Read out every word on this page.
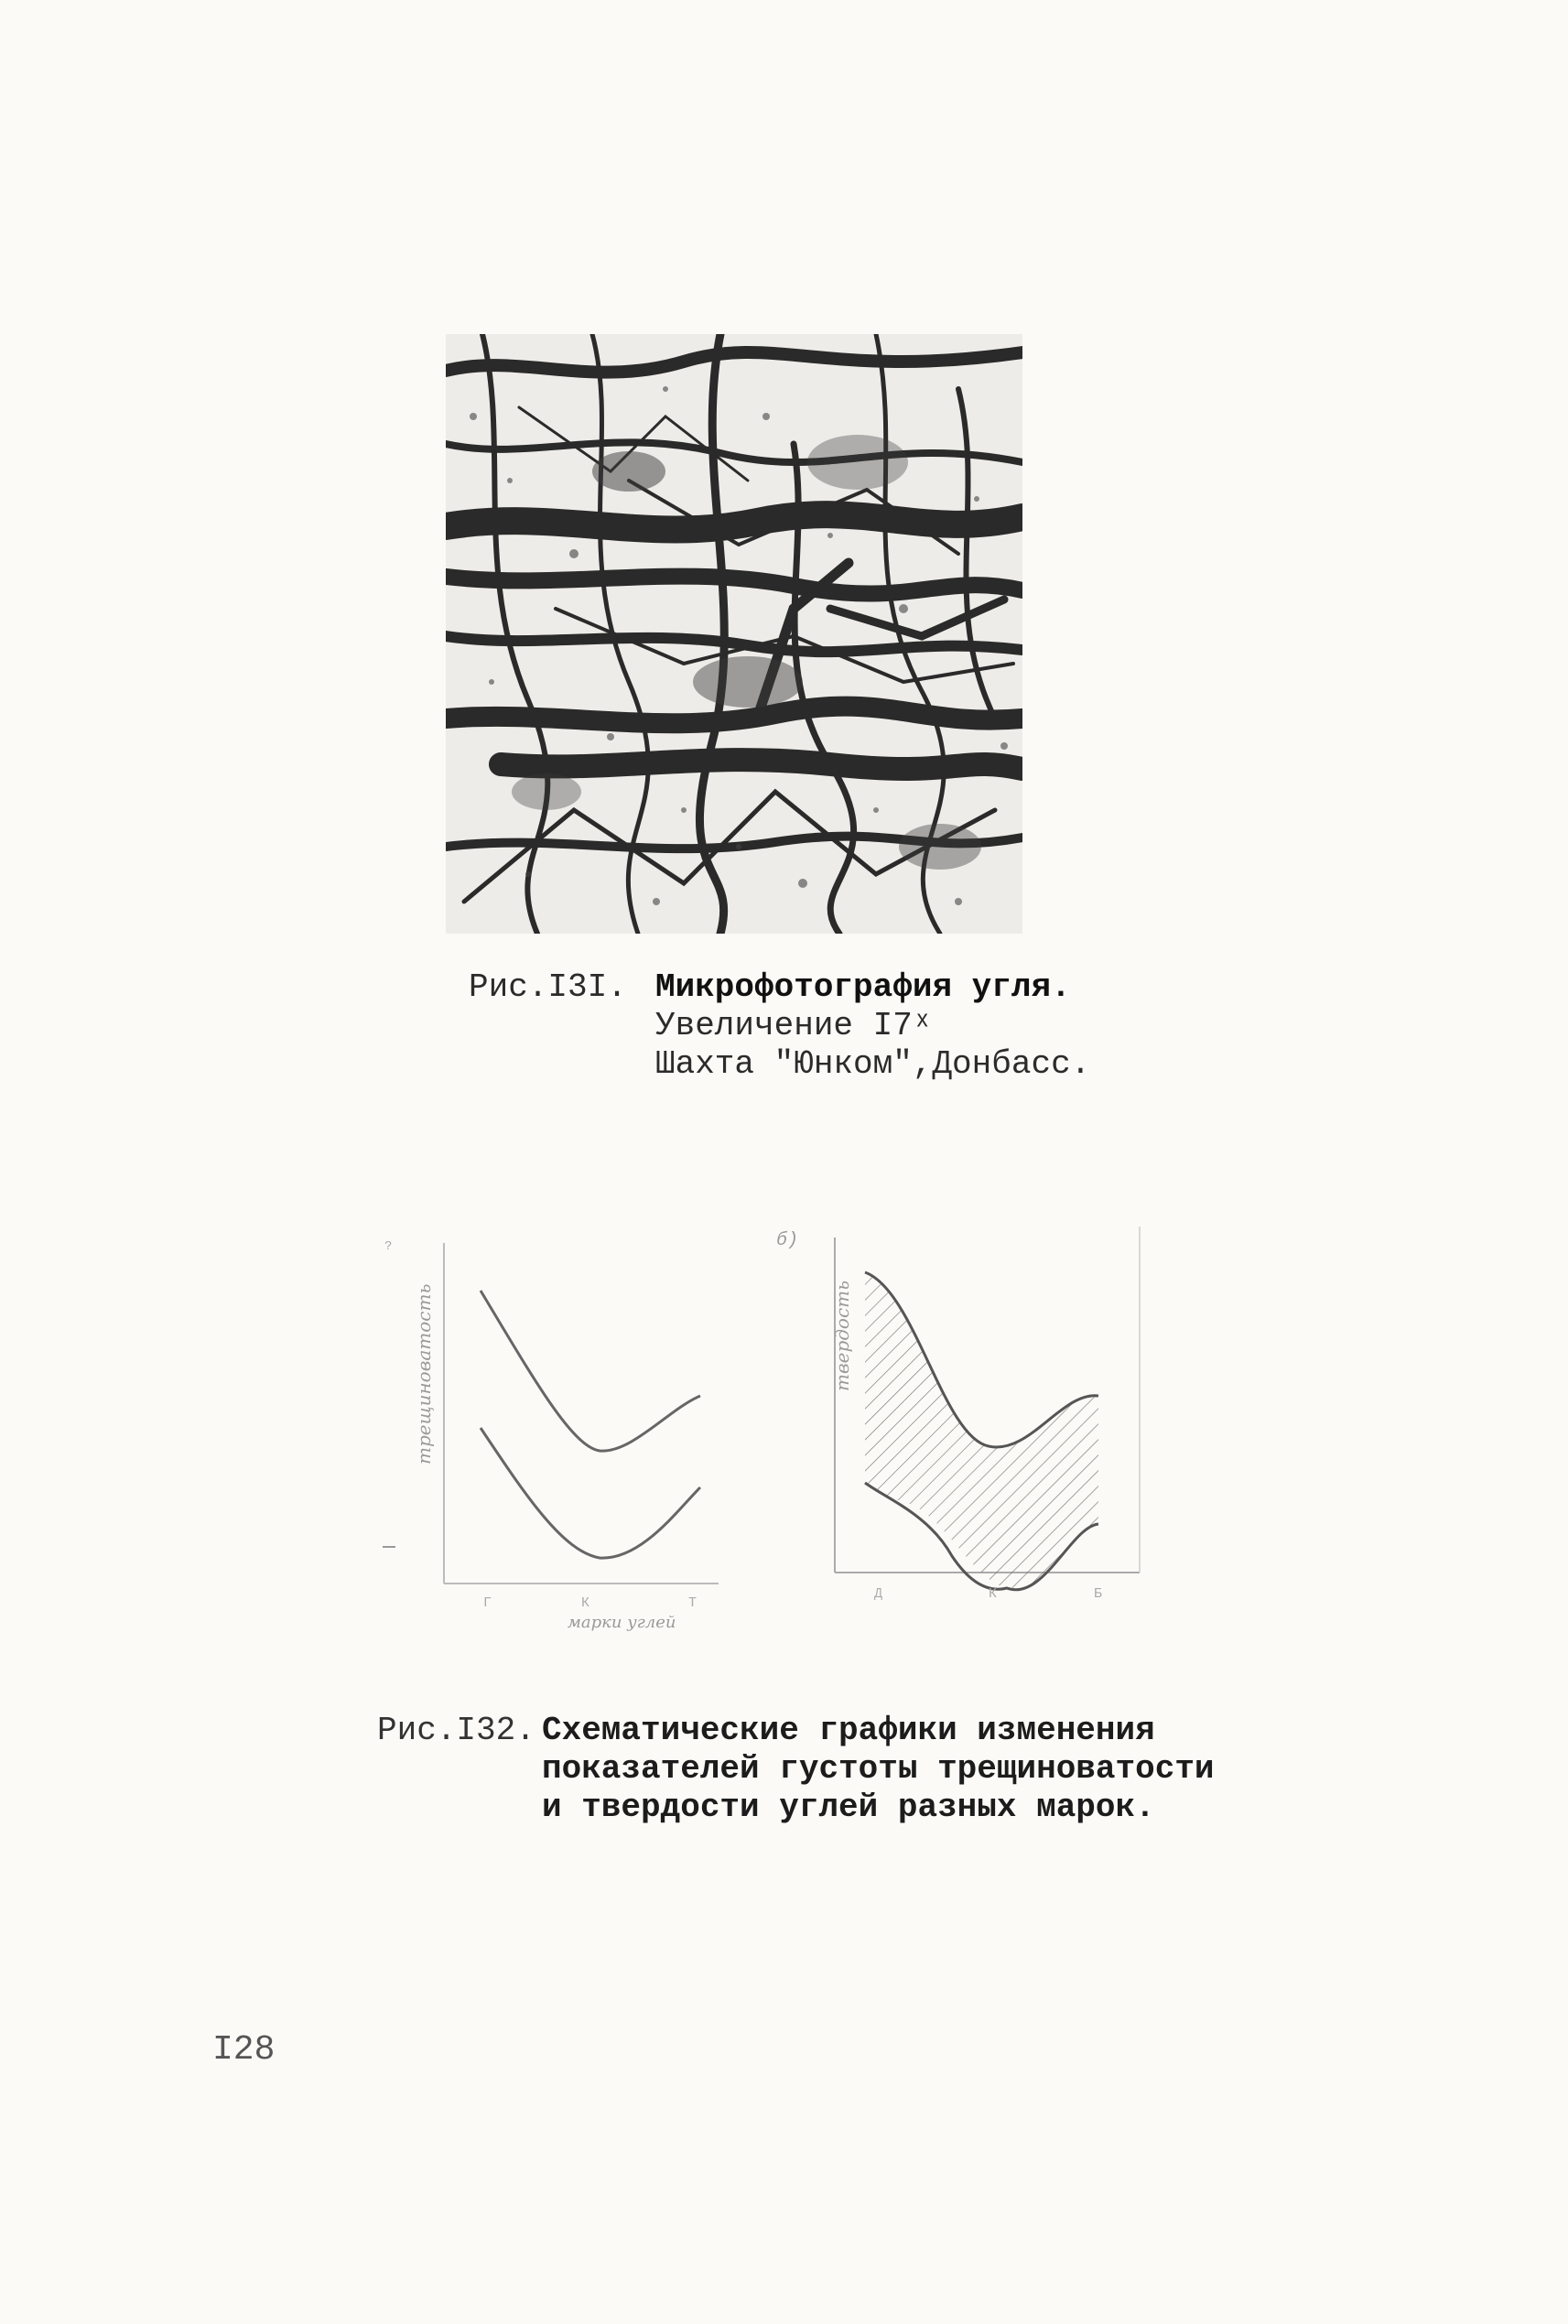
Рис.I3I. Микрофотография угля.
Увеличение I7ˣ
Шахта "Юнком",Донбасс.
?
трещиноватость
Г	К	Т
марки углей
б)
твердость
Д	К	Б
Рис.I32. Схематические графики изменения
показателей густоты трещиноватости
и твердости углей разных марок.
I28
